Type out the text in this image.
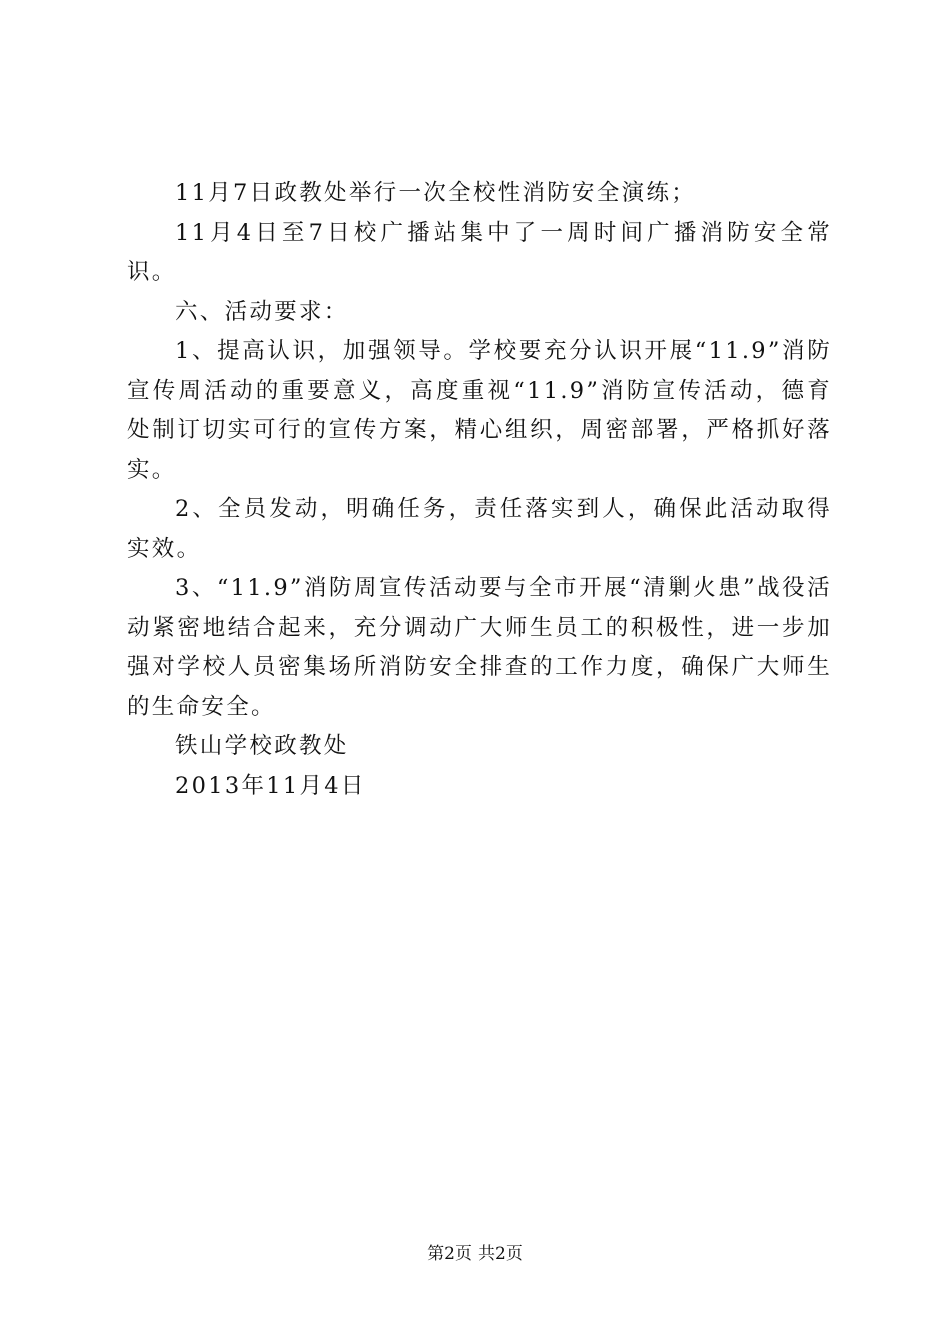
11月7日政教处举行一次全校性消防安全演练；

11月4日至7日校广播站集中了一周时间广播消防安全常识。

六、活动要求：

1、提高认识，加强领导。学校要充分认识开展“11.9”消防宣传周活动的重要意义，高度重视“11.9”消防宣传活动，德育处制订切实可行的宣传方案，精心组织，周密部署，严格抓好落实。

2、全员发动，明确任务，责任落实到人，确保此活动取得实效。

3、“11.9”消防周宣传活动要与全市开展“清剿火患”战役活动紧密地结合起来，充分调动广大师生员工的积极性，进一步加强对学校人员密集场所消防安全排查的工作力度，确保广大师生的生命安全。

铁山学校政教处

2013年11月4日

第2页 共2页
